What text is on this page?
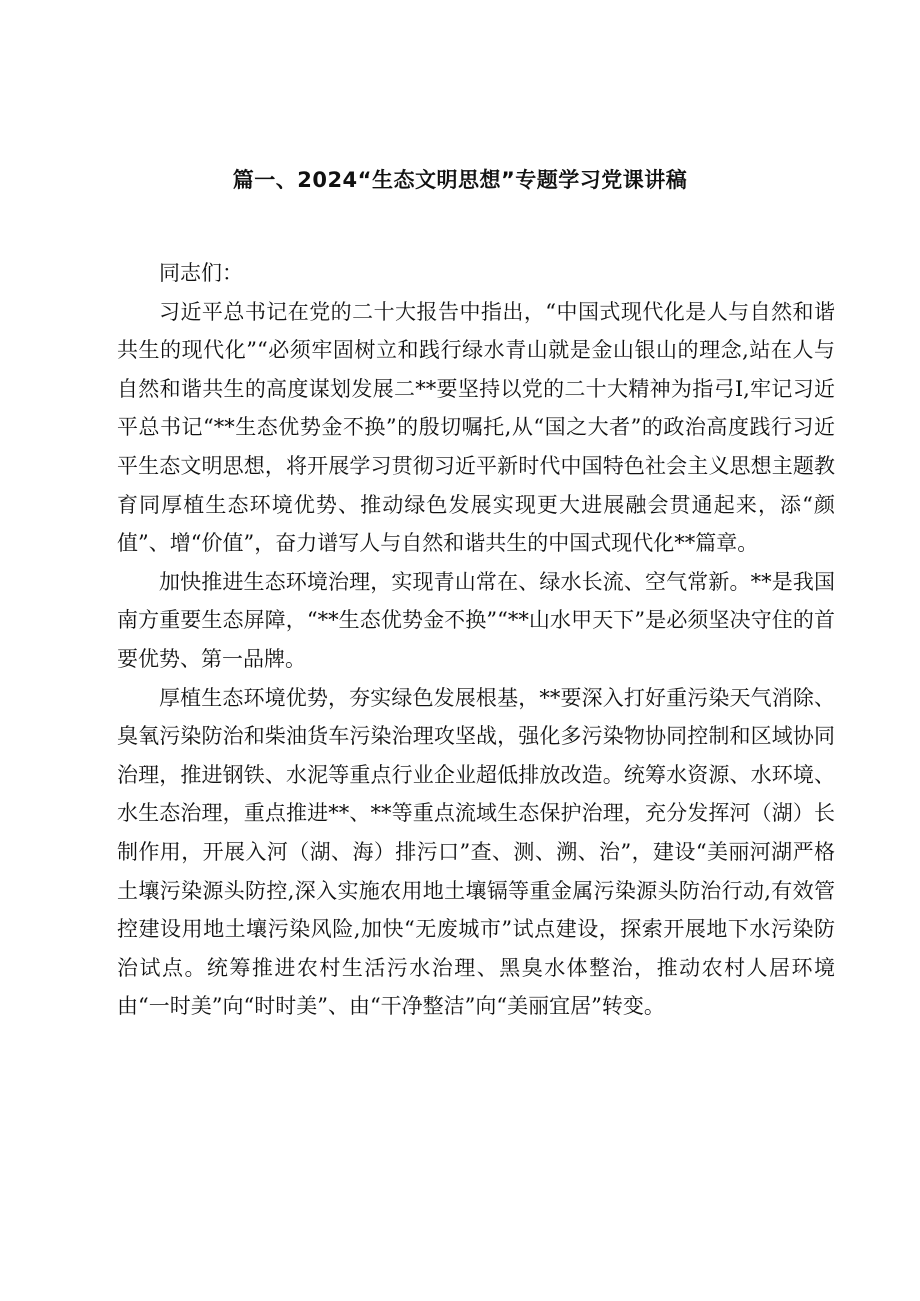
篇一、2024“生态文明思想”专题学习党课讲稿

同志们：

习近平总书记在党的二十大报告中指出，“中国式现代化是人与自然和谐共生的现代化”“必须牢固树立和践行绿水青山就是金山银山的理念,站在人与自然和谐共生的高度谋划发展二**要坚持以党的二十大精神为指弓I,牢记习近平总书记“**生态优势金不换”的殷切嘱托,从“国之大者”的政治高度践行习近平生态文明思想，将开展学习贯彻习近平新时代中国特色社会主义思想主题教育同厚植生态环境优势、推动绿色发展实现更大进展融会贯通起来，添“颜值”、增“价值”，奋力谱写人与自然和谐共生的中国式现代化**篇章。

加快推进生态环境治理，实现青山常在、绿水长流、空气常新。**是我国南方重要生态屏障，“**生态优势金不换”“**山水甲天下”是必须坚决守住的首要优势、第一品牌。

厚植生态环境优势，夯实绿色发展根基，**要深入打好重污染天气消除、臭氧污染防治和柴油货车污染治理攻坚战，强化多污染物协同控制和区域协同治理，推进钢铁、水泥等重点行业企业超低排放改造。统筹水资源、水环境、水生态治理，重点推进**、**等重点流域生态保护治理，充分发挥河（湖）长制作用，开展入河（湖、海）排污口”查、测、溯、治”，建设“美丽河湖严格土壤污染源头防控,深入实施农用地土壤镉等重金属污染源头防治行动,有效管控建设用地土壤污染风险,加快“无废城市”试点建设，探索开展地下水污染防治试点。统筹推进农村生活污水治理、黑臭水体整治，推动农村人居环境由“一时美”向“时时美”、由“干净整洁”向“美丽宜居”转变。
